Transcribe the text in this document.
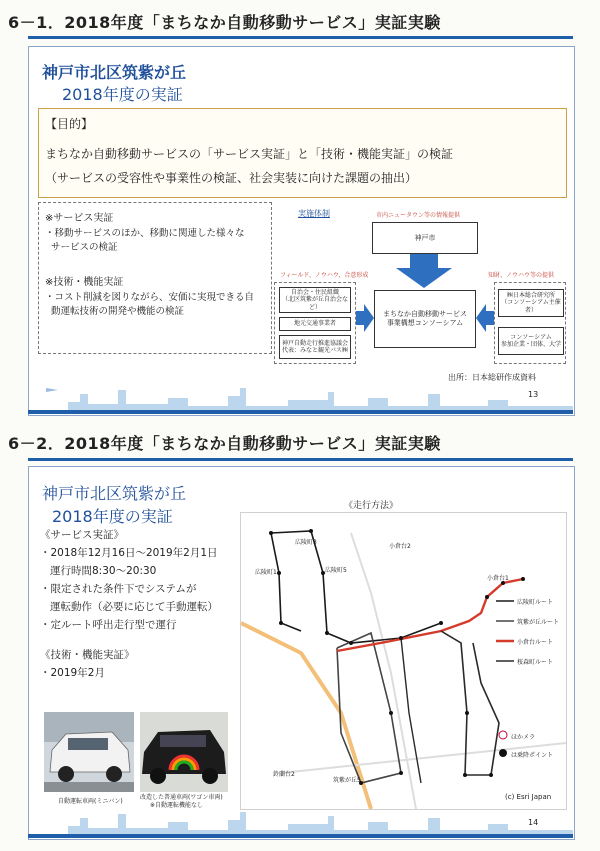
6－1．2018年度「まちなか自動移動サービス」実証実験
神戸市北区筑紫が丘
2018年度の実証
【目的】
まちなか自動移動サービスの「サービス実証」と「技術・機能実証」の検証
（サービスの受容性や事業性の検証、社会実装に向けた課題の抽出）
※サービス実証
・移動サービスのほか、移動に関連した様々な
サービスの検証
※技術・機能実証
・コスト削減を図りながら、安価に実現できる自
動運転技術の開発や機能の検証
実施体制	市内ニュータウン等の情報提供
神戸市
フィールド、ノウハウ、合意形成	知財、ノウハウ等の提供
自治会・住民組織
（北区筑紫が丘自治会など）
地元交通事業者
神戸自動走行推進協議会
代表：みなと観光バス㈱
まちなか自動移動サービス
事業構想コンソーシアム
㈱日本総合研究所
（コンソーシアム主催者）
コンソーシアム
参加企業・団体、大学
出所：日本総研作成資料
13
6－2．2018年度「まちなか自動移動サービス」実証実験
神戸市北区筑紫が丘
2018年度の実証
《サービス実証》
・2018年12月16日～2019年2月1日
運行時間8:30～20:30
・限定された条件下でシステムが
運転動作（必要に応じて手動運転）
・定ルート呼出走行型で運行
《技術・機能実証》
・2019年2月
自動運転車両(ミニバン)
改造した普通車両(ワゴン車両)
※自動運転機能なし
《走行方法》
広陵町ルート
筑紫が丘ルート
小倉台ルート
桜森町ルート
ほかメラ
は乗降ポイント
広陵町3
広陵町1
小倉台2
広陵町5
筑紫が丘5
小倉台1
鈴蘭台2
(c) Esri Japan
14
